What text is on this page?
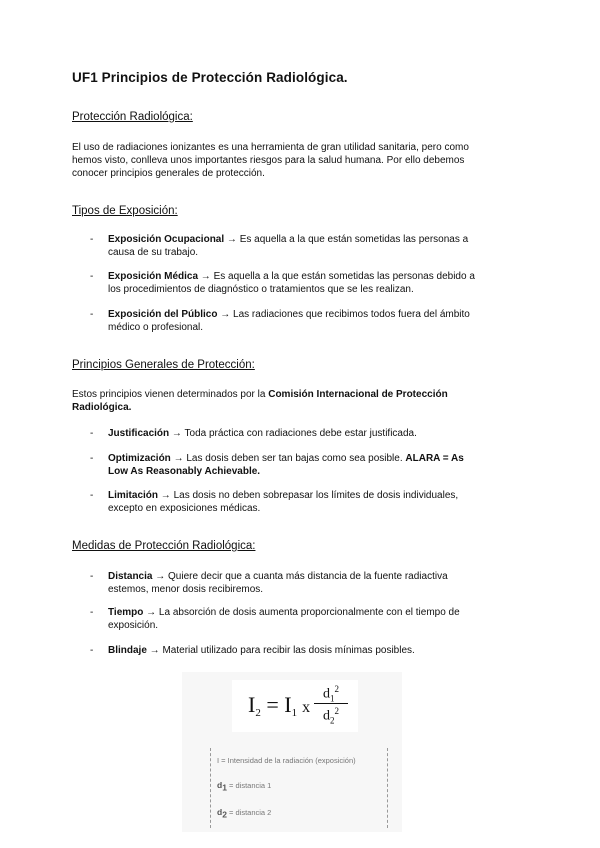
UF1 Principios de Protección Radiológica.
Protección Radiológica:
El uso de radiaciones ionizantes es una herramienta de gran utilidad sanitaria, pero como
hemos visto, conlleva unos importantes riesgos para la salud humana. Por ello debemos
conocer principios generales de protección.
Tipos de Exposición:
- Exposición Ocupacional → Es aquella a la que están sometidas las personas a
causa de su trabajo.
- Exposición Médica → Es aquella a la que están sometidas las personas debido a
los procedimientos de diagnóstico o tratamientos que se les realizan.
- Exposición del Público → Las radiaciones que recibimos todos fuera del ámbito
médico o profesional.
Principios Generales de Protección:
Estos principios vienen determinados por la Comisión Internacional de Protección
Radiológica.
- Justificación → Toda práctica con radiaciones debe estar justificada.
- Optimización → Las dosis deben ser tan bajas como sea posible. ALARA = As
Low As Reasonably Achievable.
- Limitación → Las dosis no deben sobrepasar los límites de dosis individuales,
excepto en exposiciones médicas.
Medidas de Protección Radiológica:
- Distancia → Quiere decir que a cuanta más distancia de la fuente radiactiva
estemos, menor dosis recibiremos.
- Tiempo → La absorción de dosis aumenta proporcionalmente con el tiempo de
exposición.
- Blindaje → Material utilizado para recibir las dosis mínimas posibles.
$I_2 = I_1$ x
$d_1^2$
$d_2^2$
I = Intensidad de la radiación (exposición)
$d_1$ = distancia 1
$d_2$ = distancia 2
